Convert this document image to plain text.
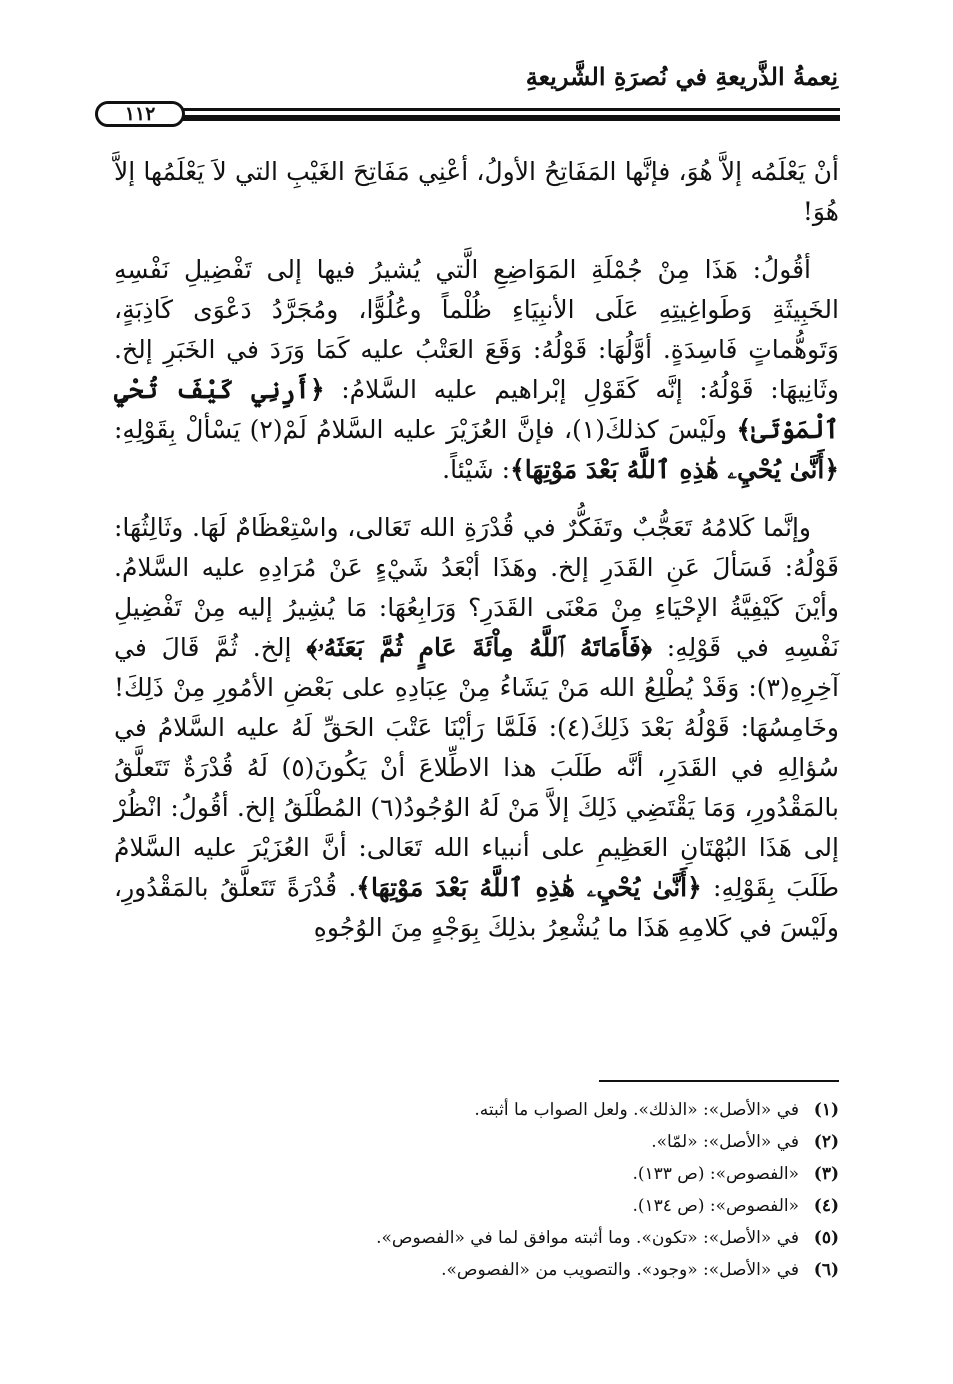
نِعمةُ الذَّريعةِ في نُصرَةِ الشَّريعةِ
١١٢

أنْ يَعْلَمُه إلاَّ هُوَ، فإنَّها المَفَاتِحُ الأولُ، أعْنِي مَفَاتِحَ الغَيْبِ التي لاَ يَعْلَمُها إلاَّ هُوَ!

أقُولُ: هَذَا مِنْ جُمْلَةِ المَوَاضِعِ الَّتي يُشيرُ فيها إلى تَفْضِيلِ نَفْسِهِ الخَبِيثَةِ وَطَواغِيتِهِ عَلَى الأنبِيَاءِ ظُلْماً وعُلُوًّا، ومُجَرَّدُ دَعْوَى كَاذِبَةٍ، وَتَوهُّماتٍ فَاسِدَةٍ. أوَّلُهَا: قَوْلُهُ: وَقَعَ العَتْبُ عليه كَمَا وَرَدَ في الخَبَرِ إلخ. وثَانِيهَا: قَوْلُهُ: إنَّه كَقَوْلِ إبْراهيم عليه السَّلامُ: ﴿أَرِنِي كَيْفَ تُحْيِ ٱلْمَوْتَىٰ﴾ ولَيْسَ كذلكَ(١)، فإنَّ العُزَيْرَ عليه السَّلامُ لَمْ(٢) يَسْألْ بِقَوْلِهِ: ﴿أَنَّىٰ يُحْيِۦ هَٰذِهِ ٱللَّهُ بَعْدَ مَوْتِهَا﴾: شَيْئاً.

وإنَّما كَلامُهُ تَعَجُّبٌ وتَفَكُّرٌ في قُدْرَةِ الله تَعَالى، واسْتِعْظَامٌ لَهَا. وثَالِثُهَا: قَوْلُهُ: فَسَألَ عَنِ القَدَرِ إلخ. وهَذَا أبْعَدُ شَيْءٍ عَنْ مُرَادِهِ عليه السَّلامُ. وأيْنَ كَيْفِيَّةُ الإحْيَاءِ مِنْ مَعْنَى القَدَرِ؟ وَرَابِعُهَا: مَا يُشِيرُ إليه مِنْ تَفْضِيلِ نَفْسِهِ في قَوْلِهِ: ﴿فَأَمَاتَهُ ٱللَّهُ مِاْئَةَ عَامٍ ثُمَّ بَعَثَهُۥ﴾ إلخ. ثُمَّ قَالَ في آخِرِهِ(٣): وَقَدْ يُطْلِعُ الله مَنْ يَشَاءُ مِنْ عِبَادِهِ على بَعْضِ الأمُورِ مِنْ ذَلِكَ! وخَامِسُهَا: قَوْلُهُ بَعْدَ ذَلِكَ(٤): فَلَمَّا رَأيْنَا عَتْبَ الحَقِّ لَهُ عليه السَّلامُ في سُؤالِهِ في القَدَرِ، أنَّه طَلَبَ هذا الاطِّلاعَ أنْ يَكُونَ(٥) لَهُ قُدْرَةٌ تَتَعلَّقُ بالمَقْدُورِ، وَمَا يَقْتَضِي ذَلِكَ إلاَّ مَنْ لَهُ الوُجُودُ(٦) المُطْلَقُ إلخ. أقُولُ: انْظُرْ إلى هَذَا البُهْتَانِ العَظِيمِ على أنبياء الله تَعَالى: أنَّ العُزَيْرَ عليه السَّلامُ طَلَبَ بِقَوْلِهِ: ﴿أَنَّىٰ يُحْيِۦ هَٰذِهِ ٱللَّهُ بَعْدَ مَوْتِهَا﴾. قُدْرَةً تَتَعلَّقُ بالمَقْدُورِ، ولَيْسَ في كَلامِهِ هَذَا ما يُشْعِرُ بذلِكَ بِوَجْهٍ مِنَ الوُجُوهِ

(١)
في «الأصل»: «الذلك». ولعل الصواب ما أثبته.
(٢)
في «الأصل»: «لمّا».
(٣)
«الفصوص»: (ص ١٣٣).
(٤)
«الفصوص»: (ص ١٣٤).
(٥)
في «الأصل»: «تكون». وما أثبته موافق لما في «الفصوص».
(٦)
في «الأصل»: «وجود». والتصويب من «الفصوص».
